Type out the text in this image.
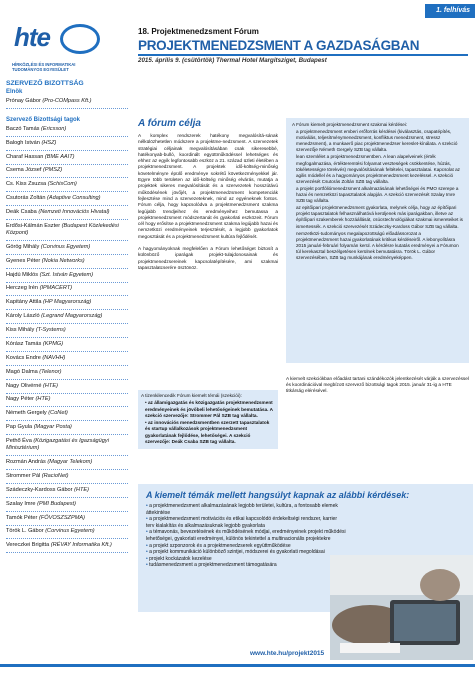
1. felhívás
hte
HÍRKÖZLÉSI ÉS INFORMATIKAI TUDOMÁNYOS EGYESÜLET
18. Projektmenedzsment Fórum
PROJEKTMENEDZSMENT A GAZDASÁGBAN
2015. április 9. (csütörtök) Thermal Hotel Margitsziget, Budapest
SZERVEZŐ BIZOTTSÁG
Elnök
Prónay Gábor (Pro-COMpass Kft.)
Szervező Bizottsági tagok
Baczó Tamás (Ericsson)
Balogh István (HSZ)
Charaf Hassan (BME AAIT)
Csema József (PMSZ)
Cs. Kiss Zsuzsa (SchisCom)
Csutorás Zoltán (Adaptive Consulting)
Deák Csaba (Nemzeti Innovációs Hivatal)
Erdősi-Kálmán Eszter (Budapest Közlekedési Központ)
Görög Mihály (Corvinus Egyetem)
Gyenes Péter (Nokia Networks)
Hajdú Miklós (Szt. István Egyetem)
Herczeg Irén (IPMACERT)
Kapitány Attila (HP Magyarország)
Károly László (Legrand Magyarország)
Kiss Mihály (T-Systems)
Kórász Tamás (KPMG)
Kovács Endre (NAVHH)
Magó Dalma (Telenor)
Nagy Olivérné (HTE)
Nagy Péter (HTE)
Németh Gergely (CoNet)
Pap Gyula (Magyar Posta)
Pethő Éva (Közigazgatási és Igazságügyi Minisztérium)
Rozmán András (Magyar Telekom)
Strommer Pál (RacioNet)
Szádeczky-Kardoss Gábor (HTE)
Szalay Imre (PMI Budapest)
Tamók Péter (FŐVOSZSZPMA)
Török L. Gábor (Corvinus Egyetem)
Vereczkei Brigitta (RÉVAY Informatika Kft.)
A fórum célja

A komplex rendszerek hatékony megvalósítá-sának nélkülözhetetlen módszere a projektme-nedzsment. A szervezetek stratégiai céljainak megvalósításában csak sikeresebbé, hatékonyab-bulló, koordinált együttműködéssel lehetséges és ehhez az egyik legfontosabb eszköz a 21. század üzleti életében a projektmenedzsment. A projektek idő-költség-minőség követelményre épülő eredménye sokrétű következményekkel jár. Egyre több területen az idő-költség minőség elvárás, mutatja a projektek sikeres megvalósítását és a szervezetek hosszútávú működésének jövőjét, a projektmenedzsment kompetenciák fejlesztése mind a szervezeteknek, mind az egyéneknek fontos. Fórum célja, hogy kapcsolódva a projektmenedzsment szakma legújabb trendjeihez és eredményeihez bemutassa a projektmenedzsment módszertanát és gyakorlati eszközeit. Fórum cél hogy erősítse a projektmenedzsment szakma legújabb hazai és nemzetközi eredményeinek terjesztését, a legjobb gyakorlatok megosztását és a projektmenedzsment kultúra fejlődését.

A hagyományoknak megfelelően a Fórum lehetőséget biztosít a különböző iparágak projekt-tulajdonosainak és projektmenedzsereinek kapcsolatépítésére, ami szakmai tapasztalatcserére ösztönöz.

A tizenkilencedik Fórum kiemelt témái (szekciói):
• az államigazgatás és közigazgatás projektmenedzsment eredményeinek és jövőbeli lehetőségeinek bemutatása. A szekció szervezője: Strommer Pál SZB tag vállalta.
• az innovációs menedzsmentben szerzett tapasztalatok és startup vállalkozások projektmenedzsment gyakorlatának fejlődése, lehetőségei. A szekció szervezője: Deák Csaba SZB tag vállalta.
A Fórum kiemelt projektmenedzsment szakmai kérdései:
a projektmenedzsment emberi erőforrás kérdései (kiválasztás, csapatépítés, motiválás, teljesítménymenedzsment, konfliktus menedzsment, stressz menedzsment), a munkaerő piac projektmenedzser kereslet-kínálata. A szekció szervezője Németh Gergely SZB tag vállalta.
lean szemlélet a projektmenedzsmentben. A lean alapelveinek (érték megfogalmazása, értékteremtési folyamat veszteségek csökkentése, húzás, tökéletességre törekvés) megvalósításának feltételei, tapasztalatai. Kapcsolat az agilis módellel és a hagyományos projektmenedzsment kezeléssel. A szekció szervezését Csutorás Zoltán SZB tag vállalta.
a projekt portfóliómenedzsment alkalmazásának lehetőségei és PMO szerepe a hazai és nemzetközi tapasztalatok alapján. A szekció szervezését Szalay Imre SZB tag vállalta.
az epitőipari projektmenedzsment gyakorlata, melynek célja, hogy az építőipari projekt tapasztalatok felhasználhatóvá kerüljenek más iparágakban, illetve az építőipari szakemberek hozzáállását, csúcstechnológiákat szakmai ismereteiket is ismertessék. A szekció szervezését Szádeczky-Kardoss Gábor SZB tag vállalta.
nemzetközi-tudományos megalapozottságú előadássorozat a projektmenedzsment hazai gyakorlatának kritikus kérdéseiről. A lebonyolításra 2015 januári-februári folyamán kerül. A kérdésre kutatás eredményei a Fórumon túl kerekasztal beszélgetésen kerülnek bemutatásra. Török L. Gábor szervezésében, SZB tag munkájának eredményeképpen.

A kiemelt szekciókban előadást tartani szándékozók jelentkezését várják a szervezéssel és koordinációval megbízott szervező bizottsági tagok 2015. január 31-ig a HTE titkárság elérésével.

A kiemelt témák mellett hangsúlyt kapnak az alábbi kérdések:
• a projektmenedzsment alkalmazásának legjobb területei, kultúra, a fontosabb elemek áttekintése
• a projektmenedzsment motivációs és etikai kapcsolódó érdekeltségi rendszer, karrier terv kialakítás és alkalmazásuknak legjobb gyakorlata
• a témavonás, bevezetésének és működésének módjai, eredményeinek projekt működési lehetőségei, gyakorlati eredményei, különös tekintettel a multinacionális projektekre
• a projekt szponzorok és a projektmenedzserek együttműködése
• a projekt kommunikáció különböző szintjei, módszerei és gyakorlati megoldásai
• projekt kockázatok kezelése
• tudásmenedzsment a projektmenedzsment támogatására
www.hte.hu/projekt2015
